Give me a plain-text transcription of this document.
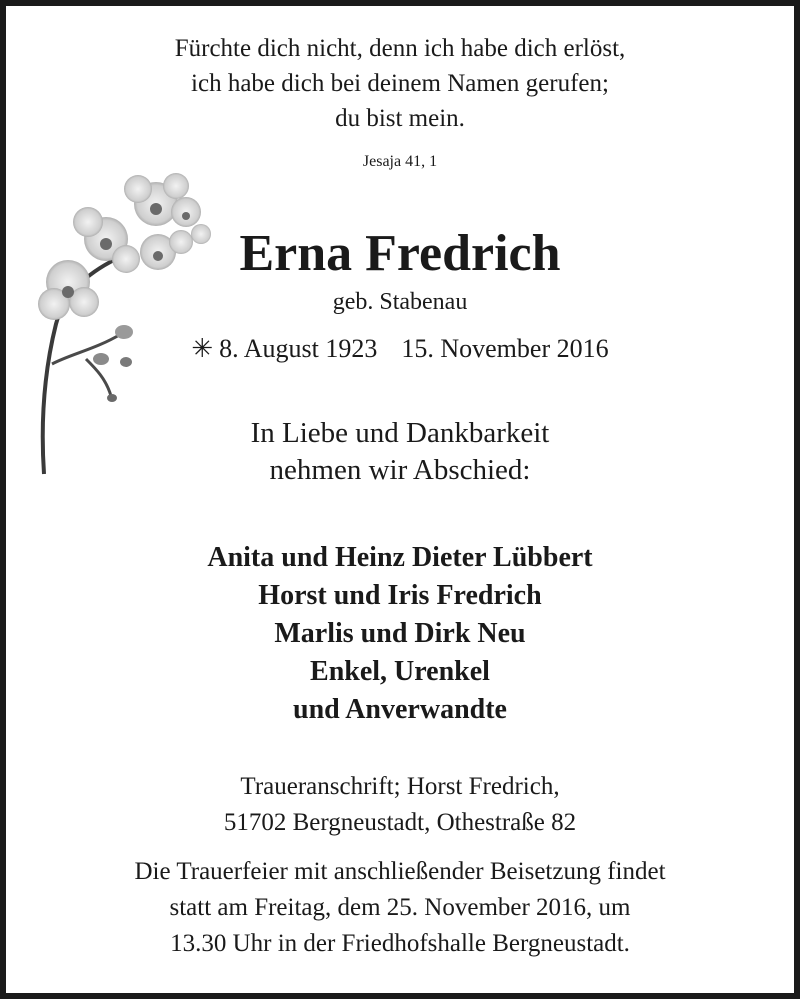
Fürchte dich nicht, denn ich habe dich erlöst,
ich habe dich bei deinem Namen gerufen;
du bist mein.
Jesaja 41, 1
Erna Fredrich
geb. Stabenau
✳ 8. August 1923 15. November 2016
In Liebe und Dankbarkeit
nehmen wir Abschied:
Anita und Heinz Dieter Lübbert
Horst und Iris Fredrich
Marlis und Dirk Neu
Enkel, Urenkel
und Anverwandte
Traueranschrift; Horst Fredrich,
51702 Bergneustadt, Othestraße 82
Die Trauerfeier mit anschließender Beisetzung findet
statt am Freitag, dem 25. November 2016, um
13.30 Uhr in der Friedhofshalle Bergneustadt.
